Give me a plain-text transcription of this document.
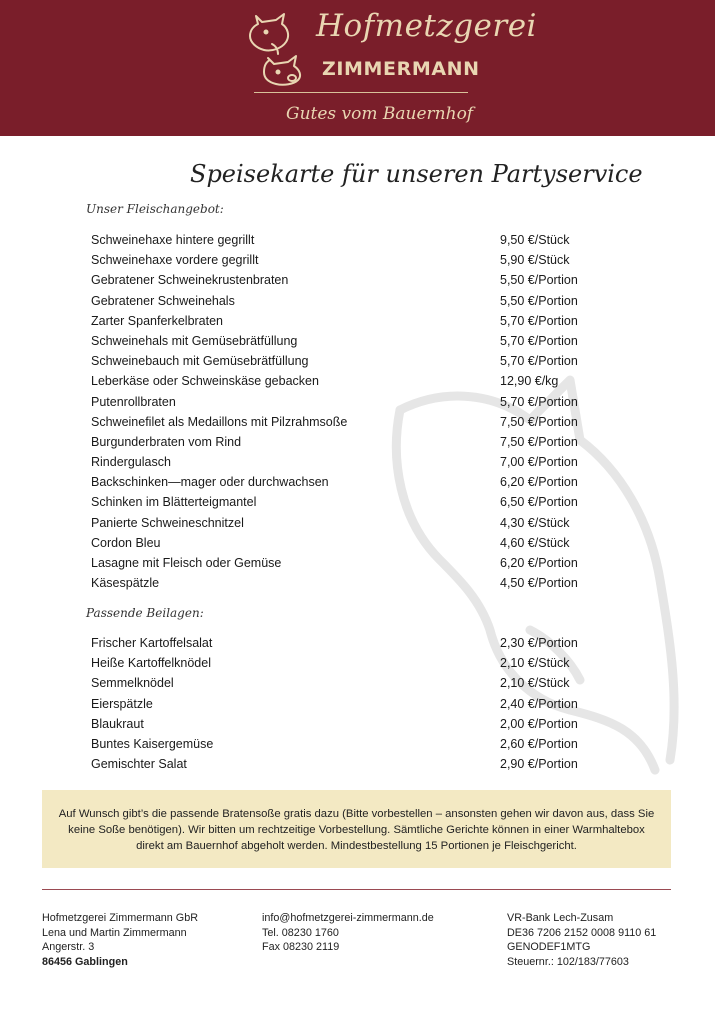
Hofmetzgerei
ZIMMERMANN
Gutes vom Bauernhof
Speisekarte für unseren Partyservice
Unser Fleischangebot:
Schweinehaxe hintere gegrillt	9,50 €/Stück
Schweinehaxe vordere gegrillt	5,90 €/Stück
Gebratener Schweinekrustenbraten	5,50 €/Portion
Gebratener Schweinehals	5,50 €/Portion
Zarter Spanferkelbraten	5,70 €/Portion
Schweinehals mit Gemüsebrätfüllung	5,70 €/Portion
Schweinebauch mit Gemüsebrätfüllung	5,70 €/Portion
Leberkäse oder Schweinskäse gebacken	12,90 €/kg
Putenrollbraten	5,70 €/Portion
Schweinefilet als Medaillons mit Pilzrahmsoße	7,50 €/Portion
Burgunderbraten vom Rind	7,50 €/Portion
Rindergulasch	7,00 €/Portion
Backschinken—mager oder durchwachsen	6,20 €/Portion
Schinken im Blätterteigmantel	6,50 €/Portion
Panierte Schweineschnitzel	4,30 €/Stück
Cordon Bleu	4,60 €/Stück
Lasagne mit Fleisch oder Gemüse	6,20 €/Portion
Käsespätzle	4,50 €/Portion
Passende Beilagen:
Frischer Kartoffelsalat	2,30 €/Portion
Heiße Kartoffelknödel	2,10 €/Stück
Semmelknödel	2,10 €/Stück
Eierspätzle	2,40 €/Portion
Blaukraut	2,00 €/Portion
Buntes Kaisergemüse	2,60 €/Portion
Gemischter Salat	2,90 €/Portion
Auf Wunsch gibt’s die passende Bratensoße gratis dazu (Bitte vorbestellen – ansonsten gehen wir davon aus, dass Sie keine Soße benötigen). Wir bitten um rechtzeitige Vorbestellung. Sämtliche Gerichte können in einer Warmhaltebox direkt am Bauernhof abgeholt werden. Mindestbestellung 15 Portionen je Fleischgericht.
Hofmetzgerei Zimmermann GbR
Lena und Martin Zimmermann
Angerstr. 3
86456 Gablingen
info@hofmetzgerei-zimmermann.de
Tel. 08230 1760
Fax 08230 2119
VR-Bank Lech-Zusam
DE36 7206 2152 0008 9110 61
GENODEF1MTG
Steuernr.: 102/183/77603
